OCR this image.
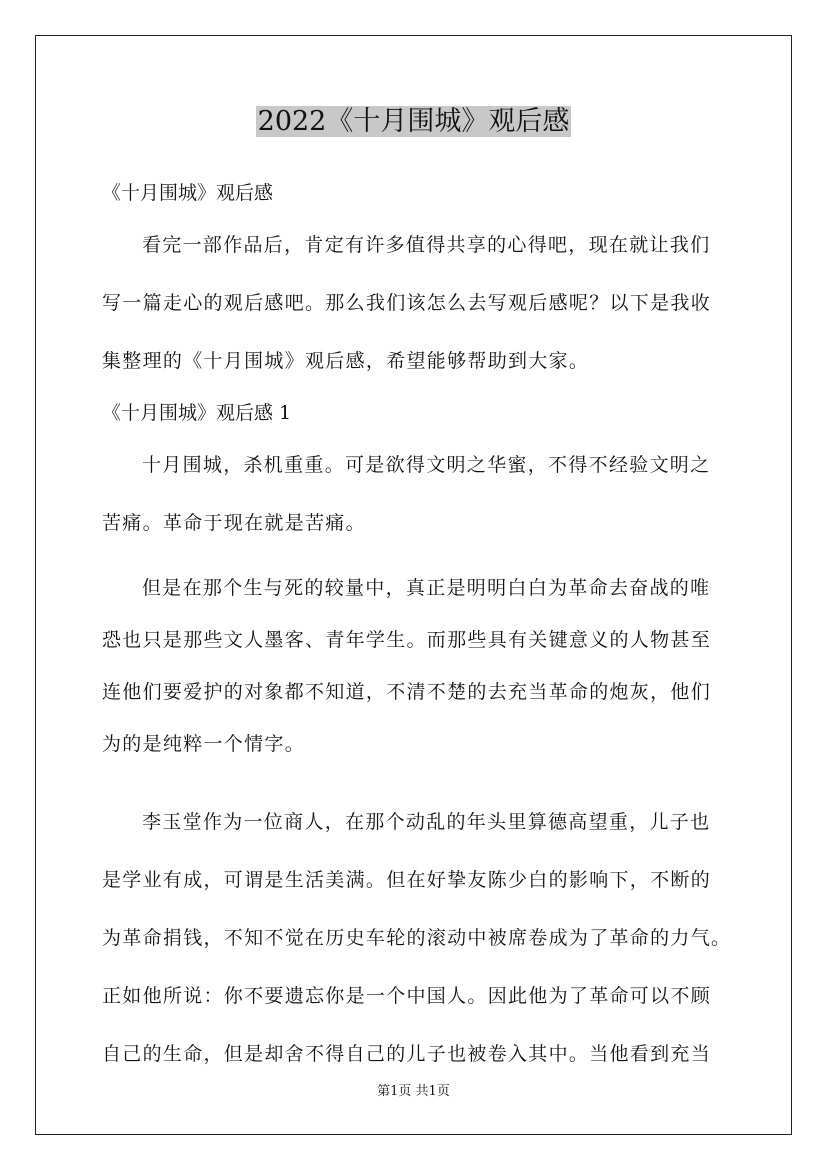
2022《十月围城》观后感
《十月围城》观后感
看完一部作品后，肯定有许多值得共享的心得吧，现在就让我们
写一篇走心的观后感吧。那么我们该怎么去写观后感呢？以下是我收
集整理的《十月围城》观后感，希望能够帮助到大家。
《十月围城》观后感 1
十月围城，杀机重重。可是欲得文明之华蜜，不得不经验文明之
苦痛。革命于现在就是苦痛。
但是在那个生与死的较量中，真正是明明白白为革命去奋战的唯
恐也只是那些文人墨客、青年学生。而那些具有关键意义的人物甚至
连他们要爱护的对象都不知道，不清不楚的去充当革命的炮灰，他们
为的是纯粹一个情字。
李玉堂作为一位商人，在那个动乱的年头里算德高望重，儿子也
是学业有成，可谓是生活美满。但在好挚友陈少白的影响下，不断的
为革命捐钱，不知不觉在历史车轮的滚动中被席卷成为了革命的力气。
正如他所说：你不要遗忘你是一个中国人。因此他为了革命可以不顾
自己的生命，但是却舍不得自己的儿子也被卷入其中。当他看到充当
第1页 共1页
